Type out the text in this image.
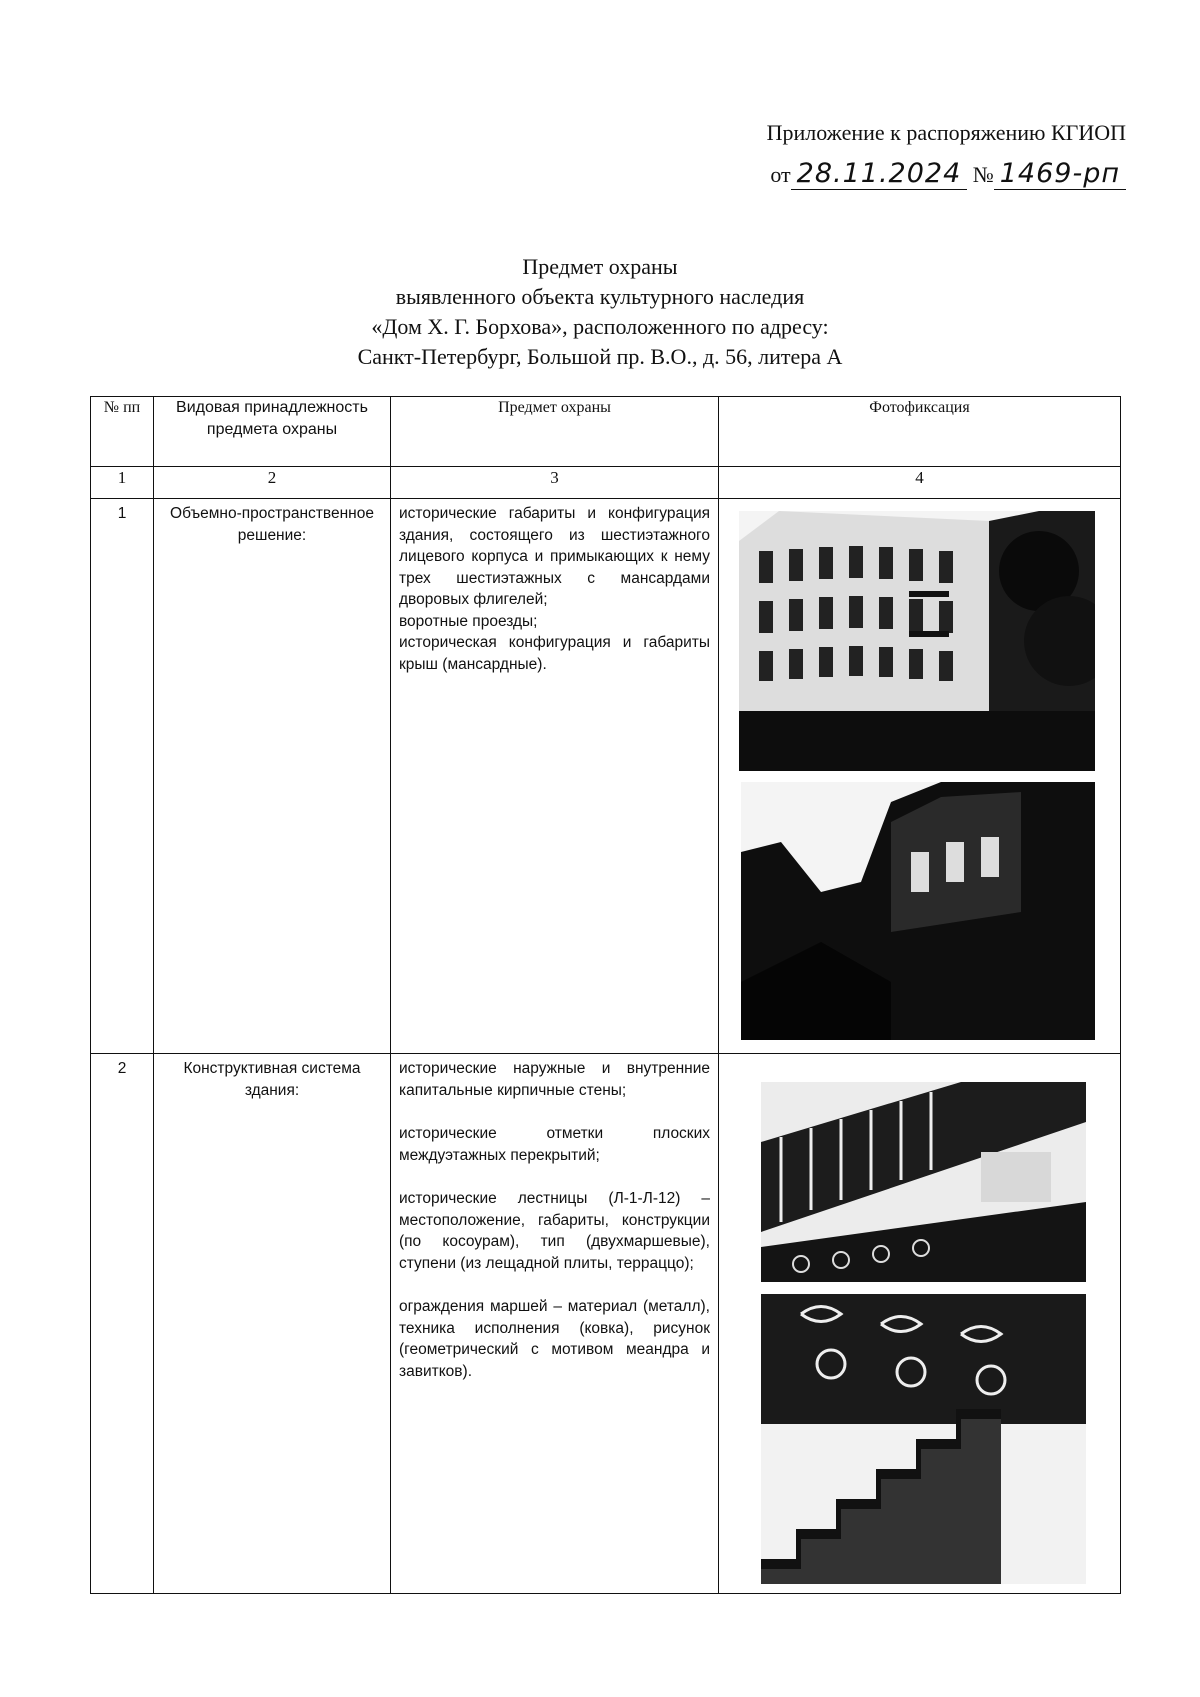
Приложение к распоряжению КГИОП
от 28.11.2024 № 1469-рп
Предмет охраны
выявленного объекта культурного наследия
«Дом Х. Г. Борхова», расположенного по адресу:
Санкт-Петербург, Большой пр. В.О., д. 56, литера А
№ пп	Видовая принадлежность предмета охраны	Предмет охраны	Фотофиксация
1	2	3	4
1	Объемно-пространственное решение:	исторические габариты и конфигурация здания, состоящего из шестиэтажного лицевого корпуса и примыкающих к нему трех шестиэтажных с мансардами дворовых флигелей;

воротные проезды;

историческая конфигурация и габариты крыш (мансардные).

2	Конструктивная система здания:	исторические наружные и внутренние капитальные кирпичные стены;

исторические отметки плоских междуэтажных перекрытий;

исторические лестницы (Л-1-Л-12) – местоположение, габариты, конструкции (по косоурам), тип (двухмаршевые), ступени (из лещадной плиты, терраццо);

ограждения маршей – материал (металл), техника исполнения (ковка), рисунок (геометрический с мотивом меандра и завитков).
